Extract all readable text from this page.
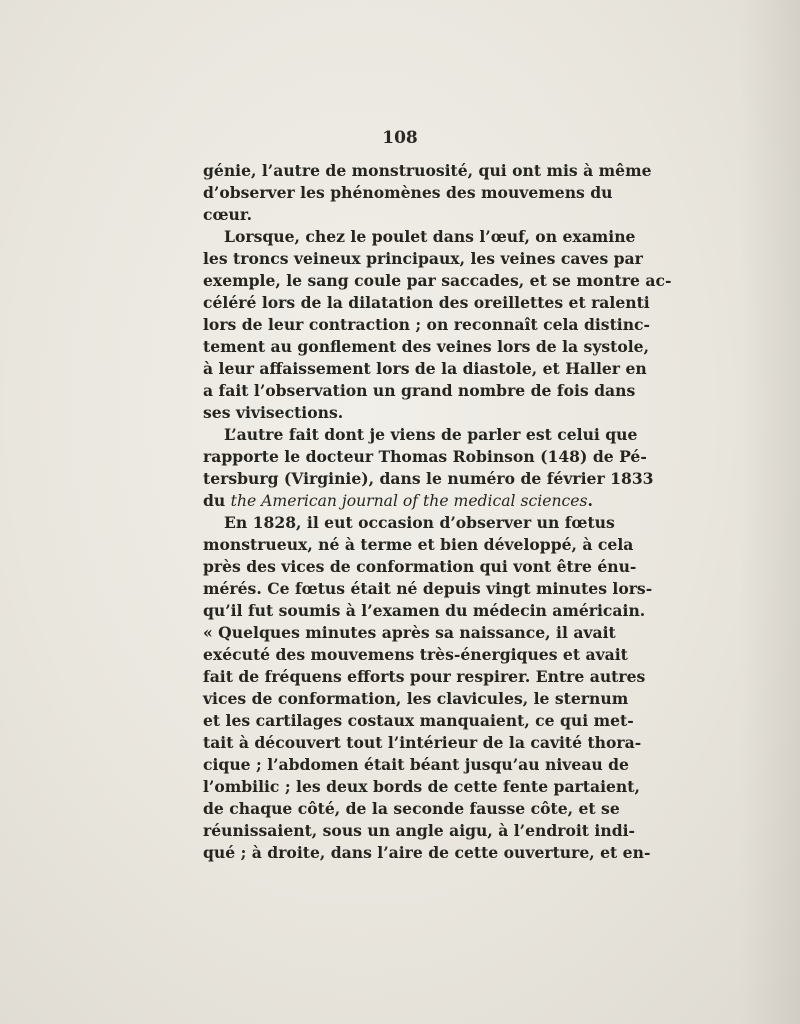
108
génie, l’autre de monstruosité, qui ont mis à même
d’observer les phénomènes des mouvemens du
cœur.
Lorsque, chez le poulet dans l’œuf, on examine
les troncs veineux principaux, les veines caves par
exemple, le sang coule par saccades, et se montre ac-
céléré lors de la dilatation des oreillettes et ralenti
lors de leur contraction ; on reconnaît cela distinc-
tement au gonflement des veines lors de la systole,
à leur affaissement lors de la diastole, et Haller en
a fait l’observation un grand nombre de fois dans
ses vivisections.
L’autre fait dont je viens de parler est celui que
rapporte le docteur Thomas Robinson (148) de Pé-
tersburg (Virginie), dans le numéro de février 1833
du the American journal of the medical sciences.
En 1828, il eut occasion d’observer un fœtus
monstrueux, né à terme et bien développé, à cela
près des vices de conformation qui vont être énu-
mérés. Ce fœtus était né depuis vingt minutes lors-
qu’il fut soumis à l’examen du médecin américain.
« Quelques minutes après sa naissance, il avait
exécuté des mouvemens très-énergiques et avait
fait de fréquens efforts pour respirer. Entre autres
vices de conformation, les clavicules, le sternum
et les cartilages costaux manquaient, ce qui met-
tait à découvert tout l’intérieur de la cavité thora-
cique ; l’abdomen était béant jusqu’au niveau de
l’ombilic ; les deux bords de cette fente partaient,
de chaque côté, de la seconde fausse côte, et se
réunissaient, sous un angle aigu, à l’endroit indi-
qué ; à droite, dans l’aire de cette ouverture, et en-
